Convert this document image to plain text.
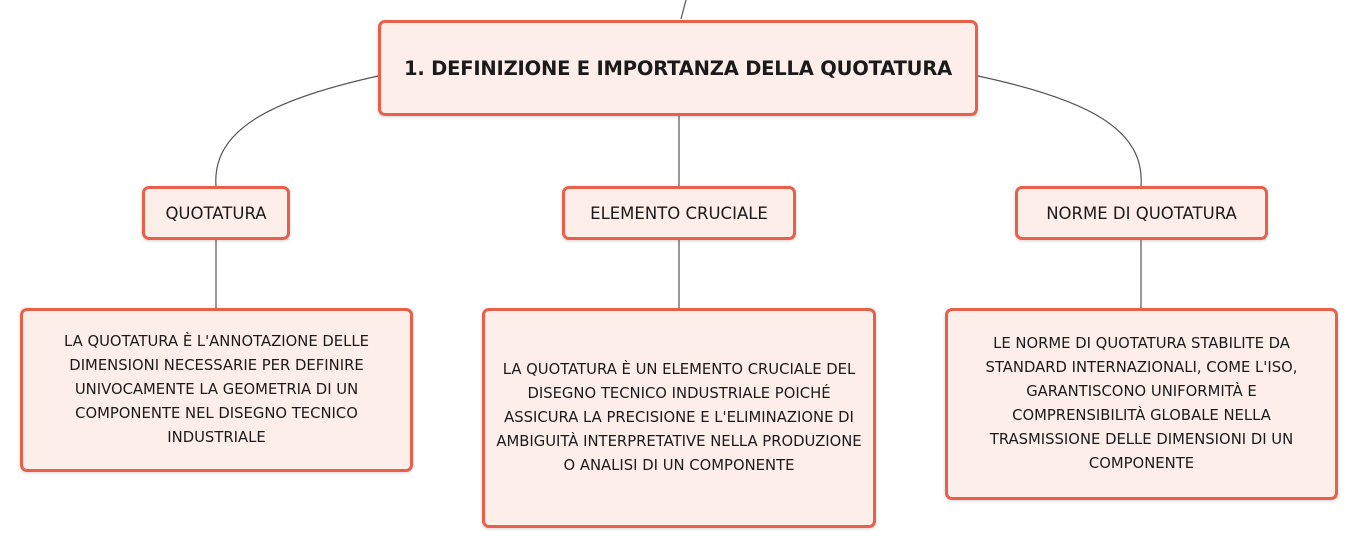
1. DEFINIZIONE E IMPORTANZA DELLA QUOTATURA
QUOTATURA	ELEMENTO CRUCIALE	NORME DI QUOTATURA
LA QUOTATURA È L'ANNOTAZIONE DELLE DIMENSIONI NECESSARIE PER DEFINIRE UNIVOCAMENTE LA GEOMETRIA DI UN COMPONENTE NEL DISEGNO TECNICO INDUSTRIALE
LA QUOTATURA È UN ELEMENTO CRUCIALE DEL DISEGNO TECNICO INDUSTRIALE POICHÉ ASSICURA LA PRECISIONE E L'ELIMINAZIONE DI AMBIGUITÀ INTERPRETATIVE NELLA PRODUZIONE O ANALISI DI UN COMPONENTE
LE NORME DI QUOTATURA STABILITE DA STANDARD INTERNAZIONALI, COME L'ISO, GARANTISCONO UNIFORMITÀ E COMPRENSIBILITÀ GLOBALE NELLA TRASMISSIONE DELLE DIMENSIONI DI UN COMPONENTE
